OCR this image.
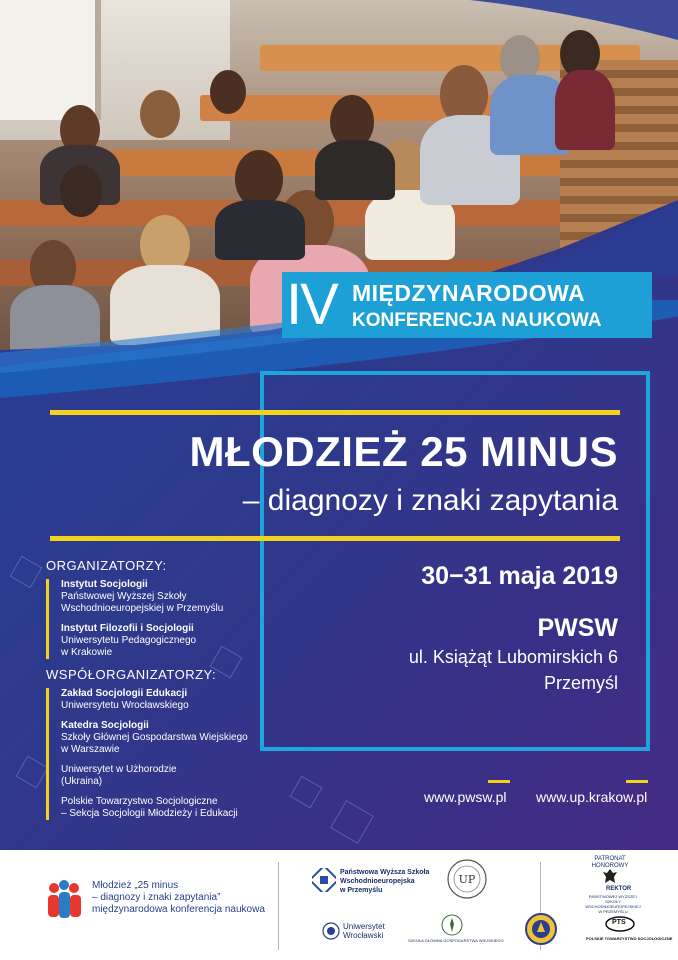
IV MIĘDZYNARODOWA
KONFERENCJA NAUKOWA
MŁODZIEŻ 25 MINUS
– diagnozy i znaki zapytania
30−31 maja 2019
PWSW
ul. Książąt Lubomirskich 6
Przemyśl
ORGANIZATORZY:
Instytut Socjologii
Państwowej Wyższej Szkoły
Wschodnioeuropejskiej w Przemyślu
Instytut Filozofii i Socjologii
Uniwersytetu Pedagogicznego
w Krakowie
WSPÓŁORGANIZATORZY:
Zakład Socjologii Edukacji
Uniwersytetu Wrocławskiego
Katedra Socjologii
Szkoły Głównej Gospodarstwa Wiejskiego
w Warszawie
Uniwersytet w Użhorodzie
(Ukraina)
Polskie Towarzystwo Socjologiczne
– Sekcja Socjologii Młodzieży i Edukacji
www.pwsw.pl www.up.krakow.pl
Młodzież „25 minus
– diagnozy i znaki zapytania”
międzynarodowa konferencja naukowa
Państwowa Wyższa Szkoła
Wschodnioeuropejska
w Przemyślu
UP
PATRONAT HONOROWY
REKTOR
PAŃSTWOWEJ WYŻSZEJ SZKOŁY WSCHODNIOEUROPEJSKIEJ W PRZEMYŚLU
Uniwersytet
Wrocławski
SZKOŁA GŁÓWNA GOSPODARSTWA WIEJSKIEGO
PTS
POLSKIE TOWARZYSTWO SOCJOLOGICZNE
